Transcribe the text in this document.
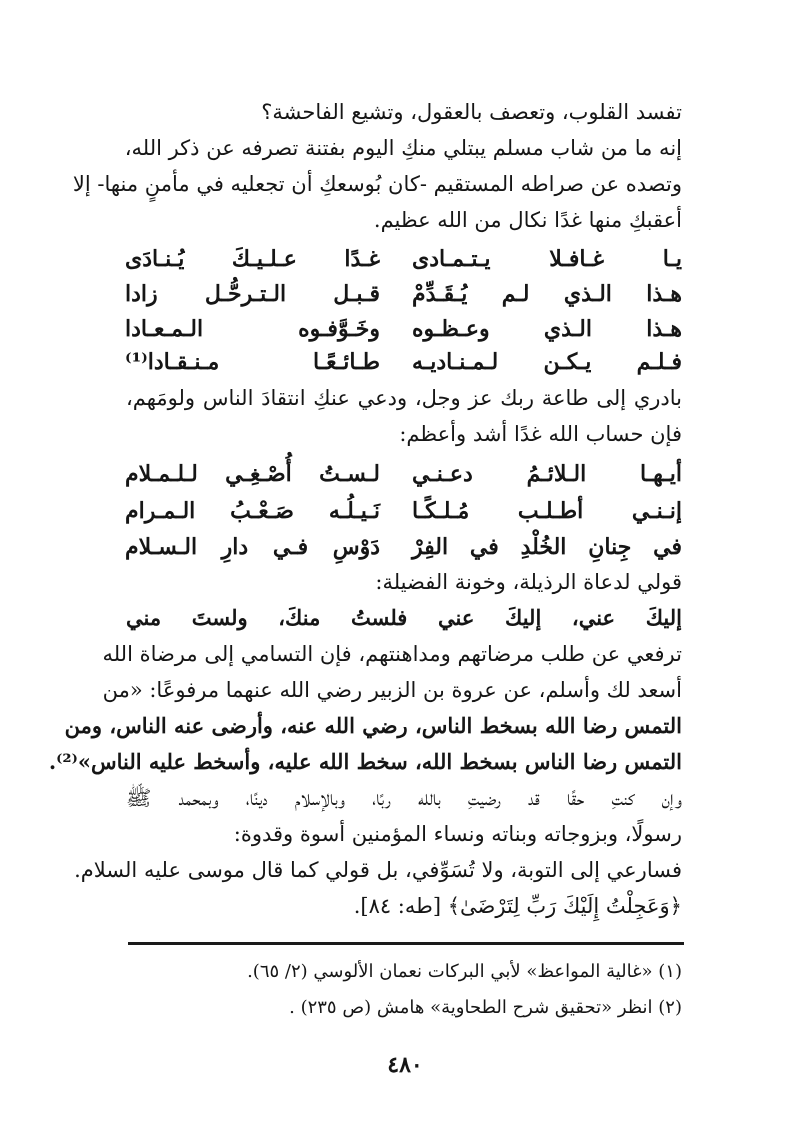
تفسد القلوب، وتعصف بالعقول، وتشيع الفاحشة؟
إنه ما من شاب مسلم يبتلي منكِ اليوم بفتنة تصرفه عن ذكر الله،
وتصده عن صراطه المستقيم -كان بُوسعكِ أن تجعليه في مأمنٍ منها- إلا
أعقبكِ منها غدًا نكال من الله عظيم.
بادري إلى طاعة ربك عز وجل، ودعي عنكِ انتقادَ الناس ولومَهم،
فإن حساب الله غدًا أشد وأعظم:
قولي لدعاة الرذيلة، وخونة الفضيلة:
إليكَ عني، إليكَ عني فلستُ منكَ، ولستَ مني
ترفعي عن طلب مرضاتهم ومداهنتهم، فإن التسامي إلى مرضاة الله
أسعد لك وأسلم، عن عروة بن الزبير رضي الله عنهما مرفوعًا: «من
التمس رضا الله بسخط الناس، رضي الله عنه، وأرضى عنه الناس، ومن
التمس رضا الناس بسخط الله، سخط الله عليه، وأسخط عليه الناس»⁽²⁾.
وإن كنتِ حقًا قد رضيتِ بالله ربًا، وبالإسلام دينًا، وبمحمد ﷺ
رسولًا، وبزوجاته وبناته ونساء المؤمنين أسوة وقدوة:
فسارعي إلى التوبة، ولا تُسَوِّفي، بل قولي كما قال موسى عليه السلام.
﴿وَعَجِلْتُ إِلَيْكَ رَبِّ لِتَرْضَىٰ﴾ [طه: ٨٤].
يـا غـافـلا يـتـمـادى
غـدًا عـلـيـكَ يُـنـادَى
هـذا الـذي لـم يُـقَـدِّمْ
قـبـل الـتـرحُّـل زادا
هـذا الـذي وعـظـوه
وخَـوَّفـوه الـمـعـادا
فـلـم يـكـن لـمـنـاديـه
طـائـعًـا مـنـقـادا⁽¹⁾
أيـهـا الـلائـمُ دعـنـي
لـسـتُ أُصْـغِـي لـلـمـلام
إنـنـي أطـلـب مُـلـكًـا
نَـيـلُـه صَـعْـبُ الـمـرام
في جِنانِ الخُلْدِ في الفِرْ
دَوْسِ فـي دارِ الـسـلام
(١) «غالية المواعظ» لأبي البركات نعمان الألوسي (٢/ ٦٥).
(٢) انظر «تحقيق شرح الطحاوية» هامش (ص ٢٣٥) .
٤٨٠
